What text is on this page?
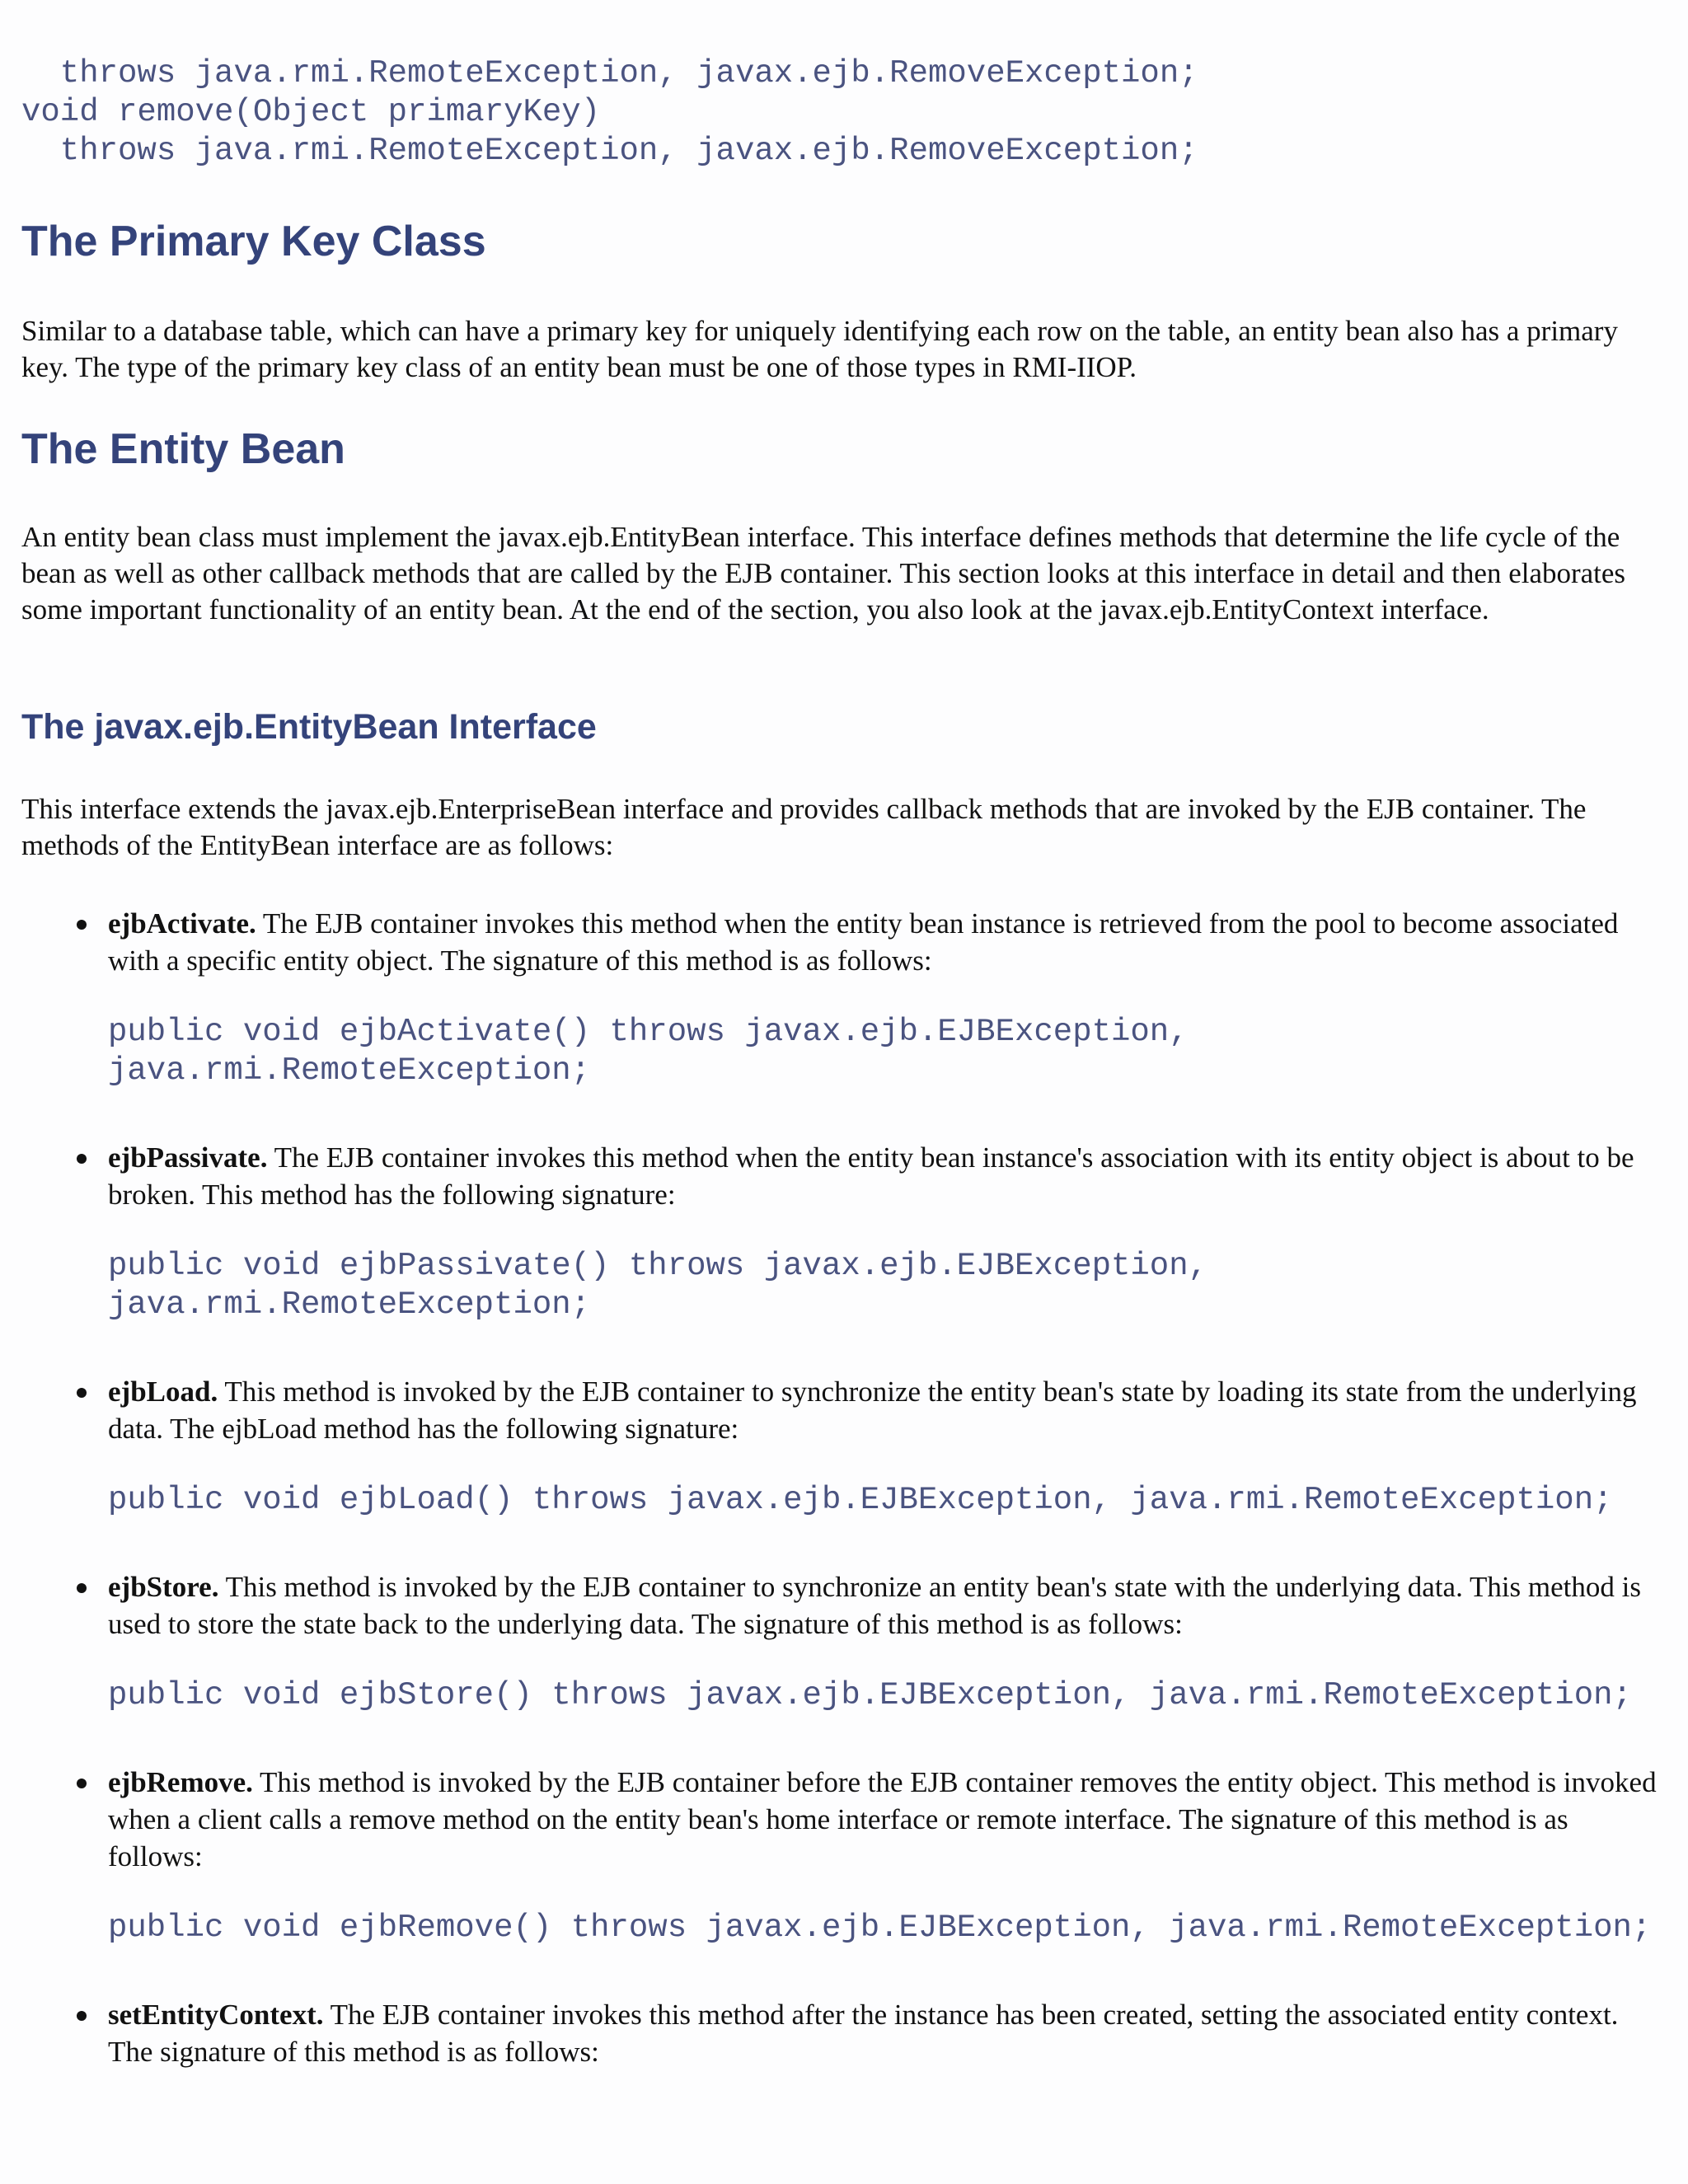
throws java.rmi.RemoteException, javax.ejb.RemoveException;
void remove(Object primaryKey)
throws java.rmi.RemoteException, javax.ejb.RemoveException;
The Primary Key Class

Similar to a database table, which can have a primary key for uniquely identifying each row on the table, an entity bean also has a primary key. The type of the primary key class of an entity bean must be one of those types in RMI-IIOP.

The Entity Bean

An entity bean class must implement the javax.ejb.EntityBean interface. This interface defines methods that determine the life cycle of the bean as well as other callback methods that are called by the EJB container. This section looks at this interface in detail and then elaborates some important functionality of an entity bean. At the end of the section, you also look at the javax.ejb.EntityContext interface.

The javax.ejb.EntityBean Interface

This interface extends the javax.ejb.EnterpriseBean interface and provides callback methods that are invoked by the EJB container. The methods of the EntityBean interface are as follows:

ejbActivate. The EJB container invokes this method when the entity bean instance is retrieved from the pool to become associated with a specific entity object. The signature of this method is as follows:

public void ejbActivate() throws javax.ejb.EJBException,
java.rmi.RemoteException;

ejbPassivate. The EJB container invokes this method when the entity bean instance's association with its entity object is about to be broken. This method has the following signature:

public void ejbPassivate() throws javax.ejb.EJBException,
java.rmi.RemoteException;

ejbLoad. This method is invoked by the EJB container to synchronize the entity bean's state by loading its state from the underlying data. The ejbLoad method has the following signature:

public void ejbLoad() throws javax.ejb.EJBException, java.rmi.RemoteException;

ejbStore. This method is invoked by the EJB container to synchronize an entity bean's state with the underlying data. This method is used to store the state back to the underlying data. The signature of this method is as follows:

public void ejbStore() throws javax.ejb.EJBException, java.rmi.RemoteException;

ejbRemove. This method is invoked by the EJB container before the EJB container removes the entity object. This method is invoked when a client calls a remove method on the entity bean's home interface or remote interface. The signature of this method is as follows:

public void ejbRemove() throws javax.ejb.EJBException, java.rmi.RemoteException;

setEntityContext. The EJB container invokes this method after the instance has been created, setting the associated entity context. The signature of this method is as follows:
